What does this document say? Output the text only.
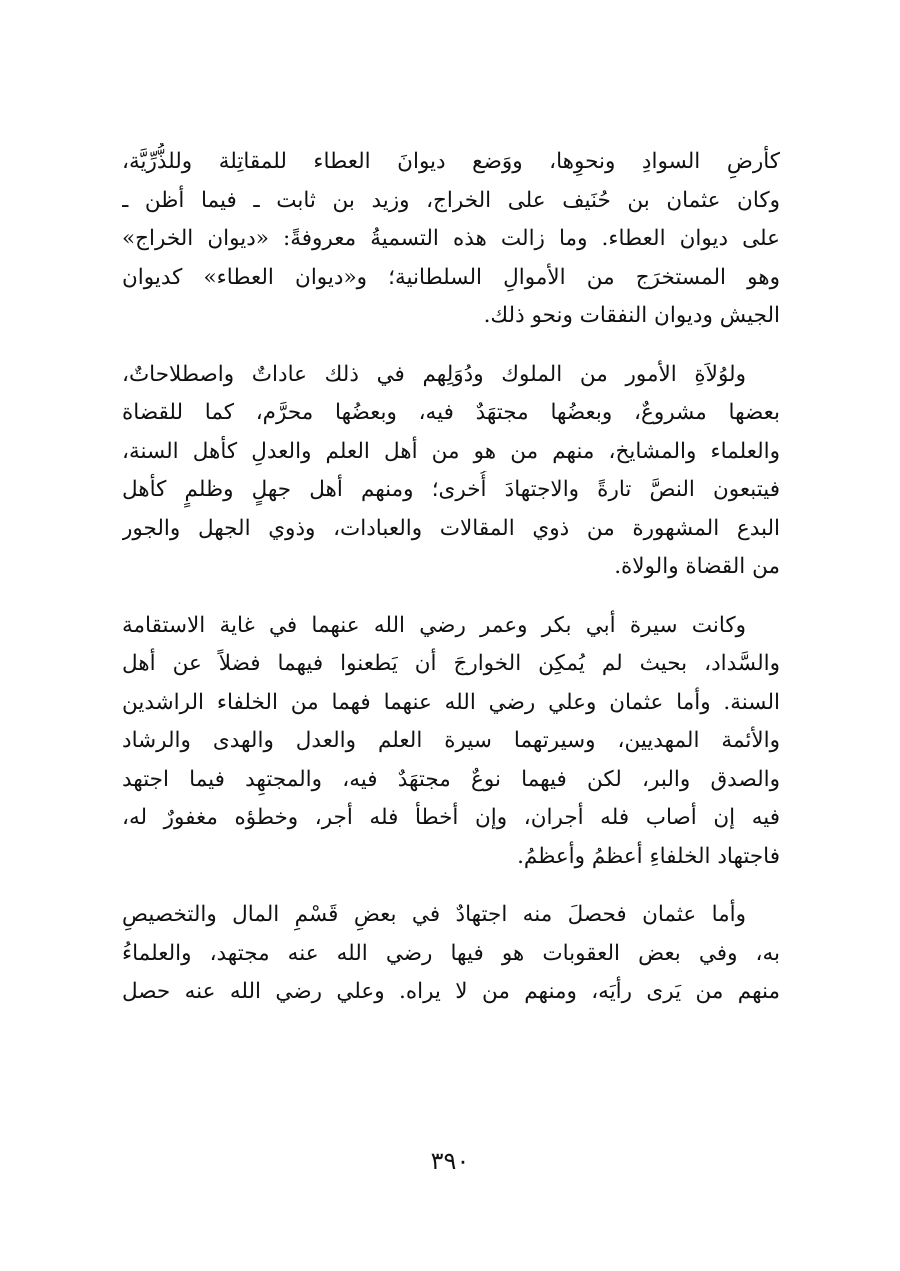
كأرضِ السوادِ ونحوِها، ووَضع ديوانَ العطاء للمقاتِلة وللذُّرِّيَّة،
وكان عثمان بن حُنَيف على الخراج، وزيد بن ثابت ـ فيما أظن ـ
على ديوان العطاء. وما زالت هذه التسميةُ معروفةً: «ديوان الخراج»
وهو المستخرَج من الأموالِ السلطانية؛ و«ديوان العطاء» كديوان
الجيش وديوان النفقات ونحو ذلك.

ولوُلاَةِ الأمور من الملوك ودُوَلِهم في ذلك عاداتٌ واصطلاحاتٌ،
بعضها مشروعٌ، وبعضُها مجتهَدٌ فيه، وبعضُها محرَّم، كما للقضاة
والعلماء والمشايخ، منهم من هو من أهل العلم والعدلِ كأهل السنة،
فيتبعون النصَّ تارةً والاجتهادَ أُخرى؛ ومنهم أهل جهلٍ وظلمٍ كأهل
البدع المشهورة من ذوي المقالات والعبادات، وذوي الجهل والجور
من القضاة والولاة.

وكانت سيرة أبي بكر وعمر رضي الله عنهما في غاية الاستقامة
والسَّداد، بحيث لم يُمكِن الخوارجَ أن يَطعنوا فيهما فضلاً عن أهل
السنة. وأما عثمان وعلي رضي الله عنهما فهما من الخلفاء الراشدين
والأئمة المهديين، وسيرتهما سيرة العلم والعدل والهدى والرشاد
والصدق والبر، لكن فيهما نوعٌ مجتهَدٌ فيه، والمجتهِد فيما اجتهد
فيه إن أصاب فله أجران، وإن أخطأ فله أجر، وخطؤه مغفورٌ له،
فاجتهاد الخلفاءِ أعظمُ وأعظمُ.

وأما عثمان فحصلَ منه اجتهادٌ في بعضِ قَسْمِ المال والتخصيصِ
به، وفي بعض العقوبات هو فيها رضي الله عنه مجتهد، والعلماءُ
منهم من يَرى رأيَه، ومنهم من لا يراه. وعلي رضي الله عنه حصل

٣٩٠
